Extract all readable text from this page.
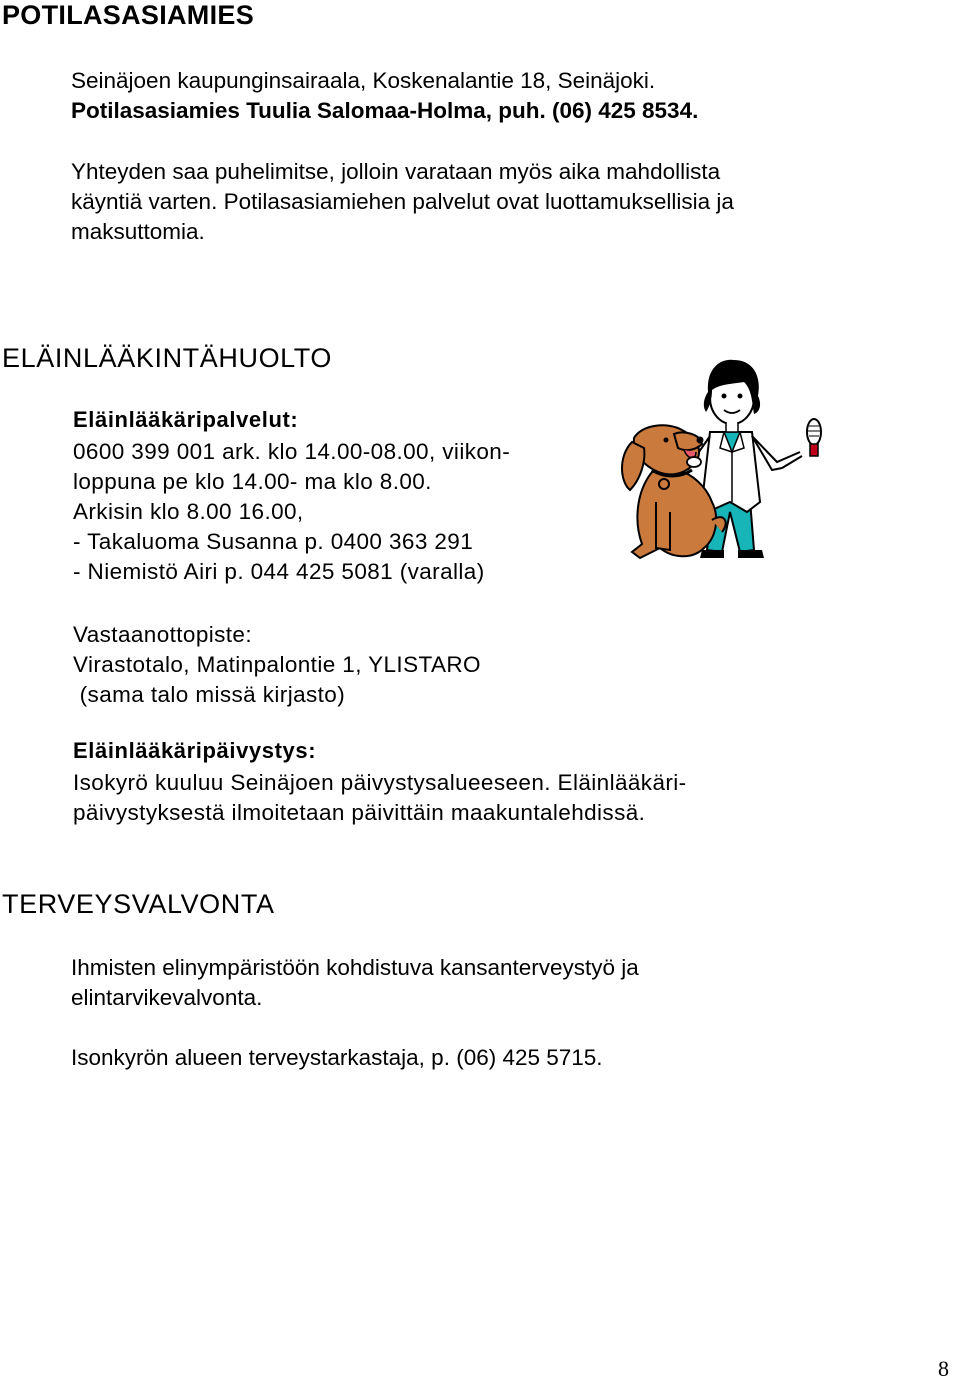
POTILASASIAMIES
Seinäjoen kaupunginsairaala, Koskenalantie 18, Seinäjoki.
Potilasasiamies Tuulia Salomaa-Holma, puh. (06) 425 8534.
Yhteyden saa puhelimitse, jolloin varataan myös aika mahdollista
käyntiä varten. Potilasasiamiehen palvelut ovat luottamuksellisia ja
maksuttomia.
ELÄINLÄÄKINTÄHUOLTO
Eläinlääkäripalvelut:
0600 399 001 ark. klo 14.00-08.00, viikon-
loppuna pe klo 14.00- ma klo 8.00.
Arkisin klo 8.00 16.00,
- Takaluoma Susanna p. 0400 363 291
- Niemistö Airi p. 044 425 5081 (varalla)
Vastaanottopiste:
Virastotalo, Matinpalontie 1, YLISTARO
(sama talo missä kirjasto)
Eläinlääkäripäivystys:
Isokyrö kuuluu Seinäjoen päivystysalueeseen. Eläinlääkäri-
päivystyksestä ilmoitetaan päivittäin maakuntalehdissä.
TERVEYSVALVONTA
Ihmisten elinympäristöön kohdistuva kansanterveystyö ja
elintarvikevalvonta.
Isonkyrön alueen terveystarkastaja, p. (06) 425 5715.
8
